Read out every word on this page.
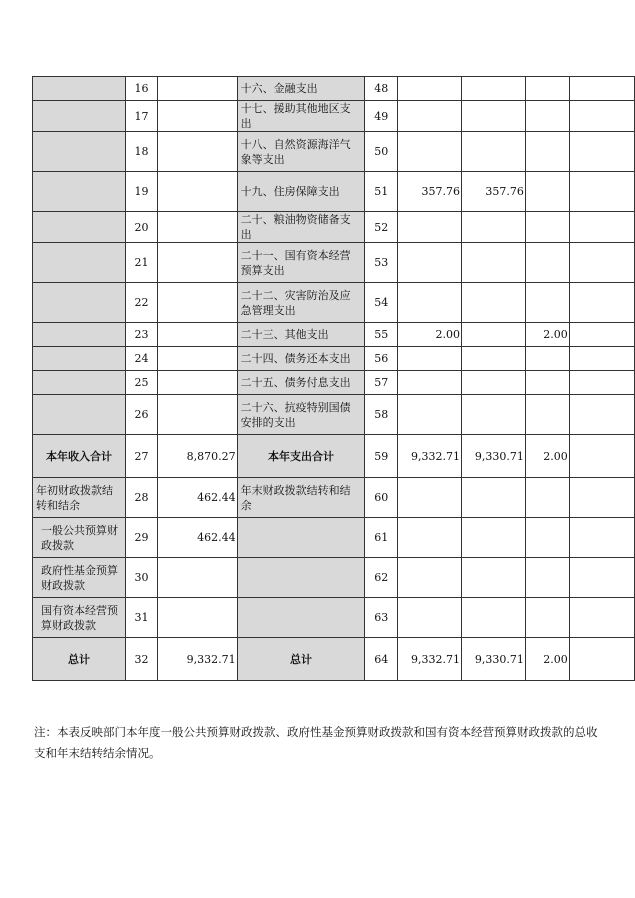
	16		十六、金融支出	48				
	17		十七、援助其他地区支出	49				
	18		十八、自然资源海洋气象等支出	50				
	19		十九、住房保障支出	51	357.76	357.76		
	20		二十、粮油物资储备支出	52				
	21		二十一、国有资本经营预算支出	53				
	22		二十二、灾害防治及应急管理支出	54				
	23		二十三、其他支出	55	2.00		2.00	
	24		二十四、债务还本支出	56				
	25		二十五、债务付息支出	57				
	26		二十六、抗疫特别国债安排的支出	58				
本年收入合计	27	8,870.27	本年支出合计	59	9,332.71	9,330.71	2.00	
年初财政拨款结转和结余	28	462.44	年末财政拨款结转和结余	60				
一般公共预算财政拨款	29	462.44		61				
政府性基金预算财政拨款	30			62				
国有资本经营预算财政拨款	31			63				
总计	32	9,332.71	总计	64	9,332.71	9,330.71	2.00	

注：本表反映部门本年度一般公共预算财政拨款、政府性基金预算财政拨款和国有资本经营预算财政拨款的总收支和年末结转结余情况。
